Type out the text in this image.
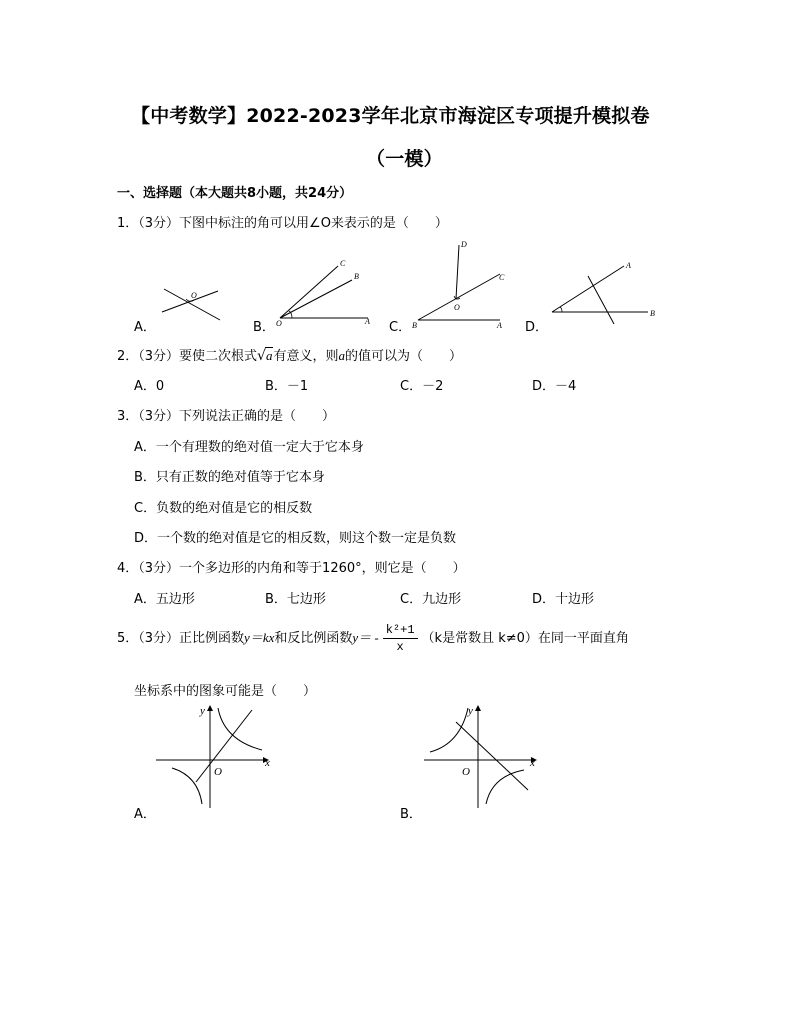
【中考数学】2022-2023学年北京市海淀区专项提升模拟卷
（一模）
一、选择题（本大题共8小题，共24分）
1．（3分）下图中标注的角可以用∠O来表示的是（　　）
A．
O
B． O	A
B
C
C．
O
B	A
C
D
D．
B
A
2．（3分）要使二次根式√a有意义，则a的值可以为（　　）
A．0	B．－1	C．－2	D．－4
3．（3分）下列说法正确的是（　　）
A．一个有理数的绝对值一定大于它本身
B．只有正数的绝对值等于它本身
C．负数的绝对值是它的相反数
D．一个数的绝对值是它的相反数，则这个数一定是负数
4．（3分）一个多边形的内角和等于1260°，则它是（　　）
A．五边形	B．七边形	C．九边形	D．十边形
5．（3分）正比例函数y＝kx和反比例函数$y= - \frac{\text{k²+1}}{x} (k$是常数且 k≠0）在同一平面直角
坐标系中的图象可能是（　　）
O
x
y
A．
O
x
y
B．
